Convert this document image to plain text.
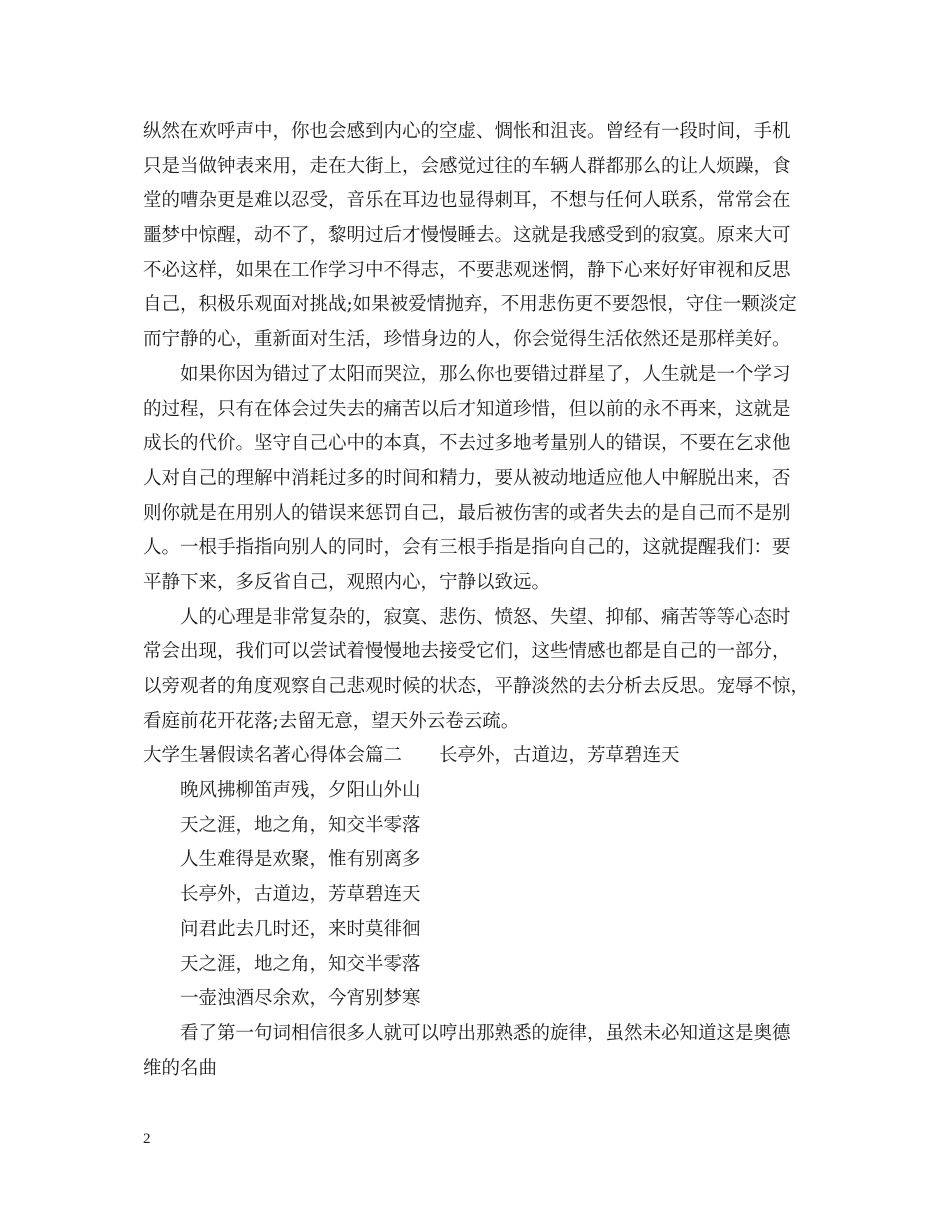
纵然在欢呼声中，你也会感到内心的空虚、惆怅和沮丧。曾经有一段时间，手机
只是当做钟表来用，走在大街上，会感觉过往的车辆人群都那么的让人烦躁，食
堂的嘈杂更是难以忍受，音乐在耳边也显得刺耳，不想与任何人联系，常常会在
噩梦中惊醒，动不了，黎明过后才慢慢睡去。这就是我感受到的寂寞。原来大可
不必这样，如果在工作学习中不得志，不要悲观迷惘，静下心来好好审视和反思
自己，积极乐观面对挑战;如果被爱情抛弃，不用悲伤更不要怨恨，守住一颗淡定
而宁静的心，重新面对生活，珍惜身边的人，你会觉得生活依然还是那样美好。
如果你因为错过了太阳而哭泣，那么你也要错过群星了，人生就是一个学习
的过程，只有在体会过失去的痛苦以后才知道珍惜，但以前的永不再来，这就是
成长的代价。坚守自己心中的本真，不去过多地考量别人的错误，不要在乞求他
人对自己的理解中消耗过多的时间和精力，要从被动地适应他人中解脱出来，否
则你就是在用别人的错误来惩罚自己，最后被伤害的或者失去的是自己而不是别
人。一根手指指向别人的同时，会有三根手指是指向自己的，这就提醒我们：要
平静下来，多反省自己，观照内心，宁静以致远。
人的心理是非常复杂的，寂寞、悲伤、愤怒、失望、抑郁、痛苦等等心态时
常会出现，我们可以尝试着慢慢地去接受它们，这些情感也都是自己的一部分，
以旁观者的角度观察自己悲观时候的状态，平静淡然的去分析去反思。宠辱不惊，
看庭前花开花落;去留无意，望天外云卷云疏。
大学生暑假读名著心得体会篇二 长亭外，古道边，芳草碧连天
晚风拂柳笛声残，夕阳山外山
天之涯，地之角，知交半零落
人生难得是欢聚，惟有别离多
长亭外，古道边，芳草碧连天
问君此去几时还，来时莫徘徊
天之涯，地之角，知交半零落
一壶浊酒尽余欢，今宵别梦寒
看了第一句词相信很多人就可以哼出那熟悉的旋律，虽然未必知道这是奥德
维的名曲
2
